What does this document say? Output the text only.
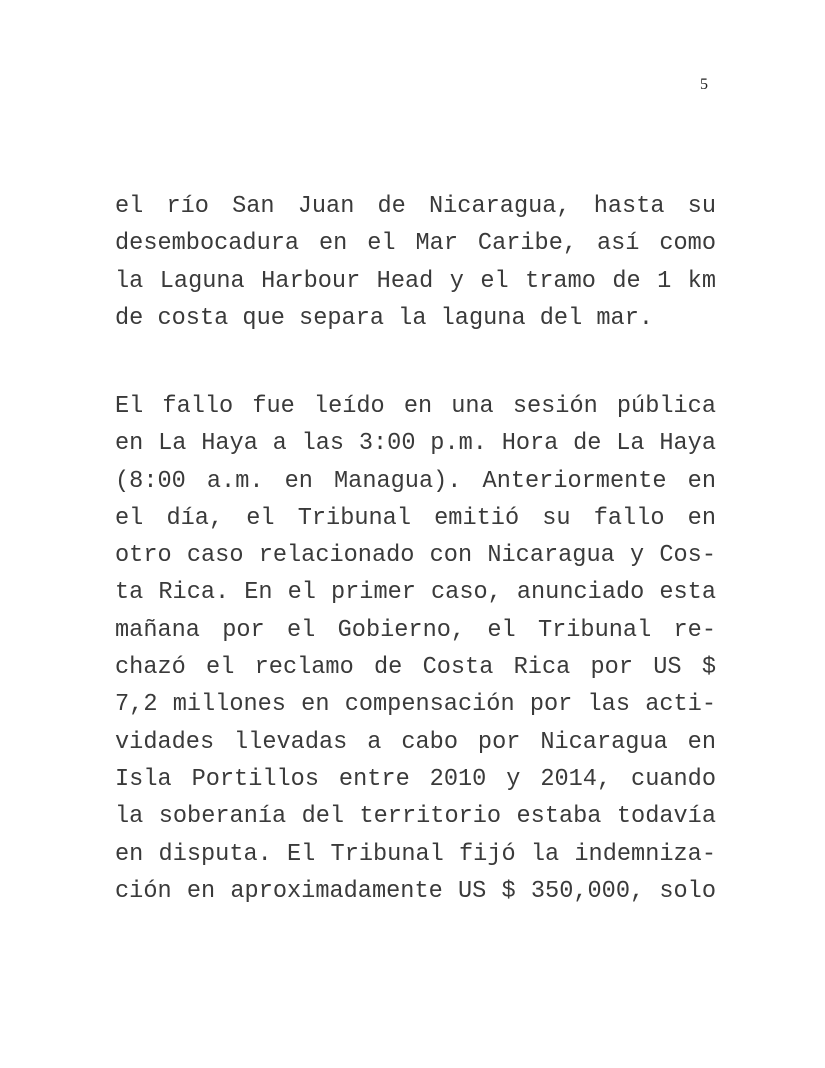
5
el río San Juan de Nicaragua, hasta su
desembocadura en el Mar Caribe, así como
la Laguna Harbour Head y el tramo de 1 km
de costa que separa la laguna del mar.
El fallo fue leído en una sesión pública
en La Haya a las 3:00 p.m. Hora de La Haya
(8:00 a.m. en Managua). Anteriormente en
el día, el Tribunal emitió su fallo en
otro caso relacionado con Nicaragua y Cos-
ta Rica. En el primer caso, anunciado esta
mañana por el Gobierno, el Tribunal re-
chazó el reclamo de Costa Rica por US $
7,2 millones en compensación por las acti-
vidades llevadas a cabo por Nicaragua en
Isla Portillos entre 2010 y 2014, cuando
la soberanía del territorio estaba todavía
en disputa. El Tribunal fijó la indemniza-
ción en aproximadamente US $ 350,000, solo
